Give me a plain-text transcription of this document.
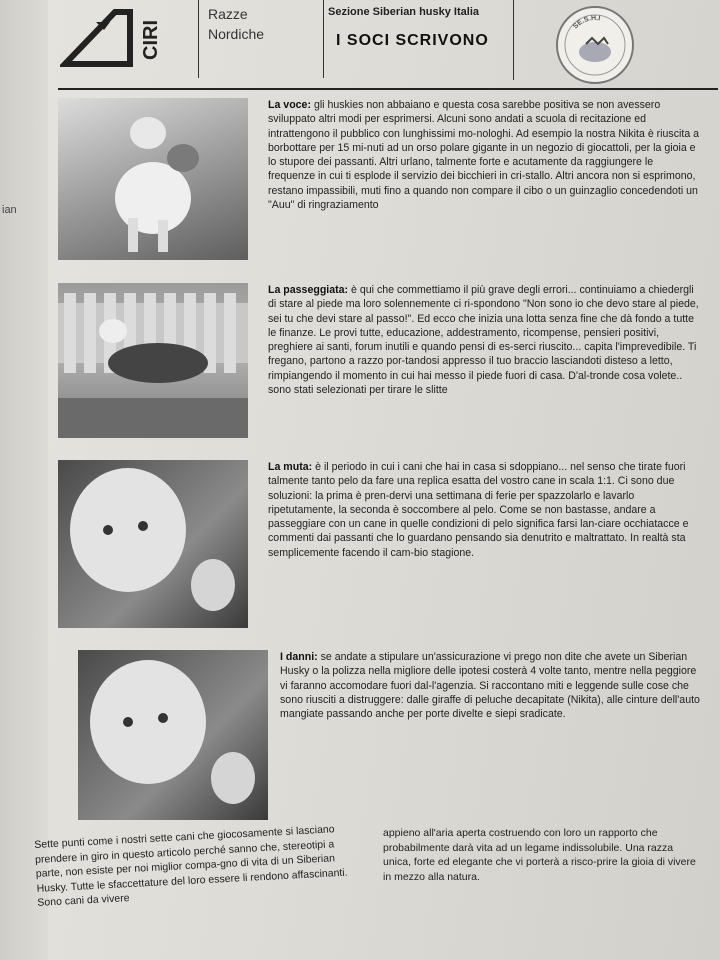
ian
CIRI
Razze
Nordiche
Sezione Siberian husky Italia
I SOCI SCRIVONO
SE.S.H.I
La voce: gli huskies non abbaiano e questa cosa sarebbe positiva se non avessero sviluppato altri modi per esprimersi. Alcuni sono andati a scuola di recitazione ed intrattengono il pubblico con lunghissimi mo-nologhi. Ad esempio la nostra Nikita è riuscita a borbottare per 15 mi-nuti ad un orso polare gigante in un negozio di giocattoli, per la gioia e lo stupore dei passanti. Altri urlano, talmente forte e acutamente da raggiungere le frequenze in cui ti esplode il servizio dei bicchieri in cri-stallo. Altri ancora non si esprimono, restano impassibili, muti fino a quando non compare il cibo o un guinzaglio concedendoti un "Auu" di ringraziamento
La passeggiata: è qui che commettiamo il più grave degli errori... continuiamo a chiedergli di stare al piede ma loro solennemente ci ri-spondono "Non sono io che devo stare al piede, sei tu che devi stare al passo!". Ed ecco che inizia una lotta senza fine che dà fondo a tutte le finanze. Le provi tutte, educazione, addestramento, ricompense, pensieri positivi, preghiere ai santi, forum inutili e quando pensi di es-serci riuscito... capita l'imprevedibile. Ti fregano, partono a razzo por-tandosi appresso il tuo braccio lasciandoti disteso a letto, rimpiangendo il momento in cui hai messo il piede fuori di casa. D'al-tronde cosa volete.. sono stati selezionati per tirare le slitte
La muta: è il periodo in cui i cani che hai in casa si sdoppiano... nel senso che tirate fuori talmente tanto pelo da fare una replica esatta del vostro cane in scala 1:1. Ci sono due soluzioni: la prima è pren-dervi una settimana di ferie per spazzolarlo e lavarlo ripetutamente, la seconda è soccombere al pelo. Come se non bastasse, andare a passeggiare con un cane in quelle condizioni di pelo significa farsi lan-ciare occhiatacce e commenti dai passanti che lo guardano pensando sia denutrito e maltrattato. In realtà sta semplicemente facendo il cam-bio stagione.
I danni: se andate a stipulare un'assicurazione vi prego non dite che avete un Siberian Husky o la polizza nella migliore delle ipotesi costerà 4 volte tanto, mentre nella peggiore vi faranno accomodare fuori dal-l'agenzia. Si raccontano miti e leggende sulle cose che sono riusciti a distruggere: dalle giraffe di peluche decapitate (Nikita), alle cinture dell'auto mangiate passando anche per porte divelte e siepi sradicate.
Sette punti come i nostri sette cani che giocosamente si lasciano prendere in giro in questo articolo perché sanno che, stereotipi a parte, non esiste per noi miglior compa-gno di vita di un Siberian Husky. Tutte le sfaccettature del loro essere li rendono affascinanti. Sono cani da vivere
appieno all'aria aperta costruendo con loro un rapporto che probabilmente darà vita ad un legame indissolubile. Una razza unica, forte ed elegante che vi porterà a risco-prire la gioia di vivere in mezzo alla natura.
